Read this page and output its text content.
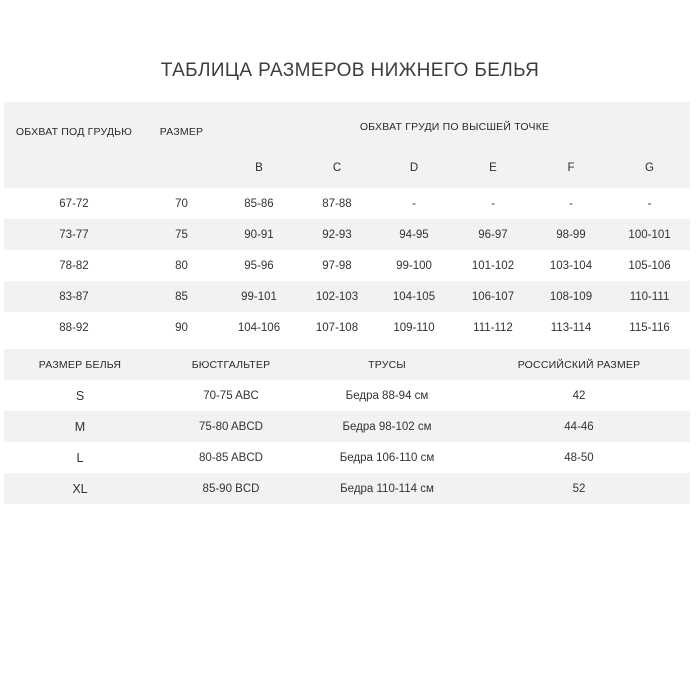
ТАБЛИЦА РАЗМЕРОВ НИЖНЕГО БЕЛЬЯ
ОБХВАТ ПОД ГРУДЬЮ	РАЗМЕР	ОБХВАТ ГРУДИ ПО ВЫСШЕЙ ТОЧКЕ					
		B	C	D	E	F	G
67-72	70	85-86	87-88	-	-	-	-
73-77	75	90-91	92-93	94-95	96-97	98-99	100-101
78-82	80	95-96	97-98	99-100	101-102	103-104	105-106
83-87	85	99-101	102-103	104-105	106-107	108-109	110-111
88-92	90	104-106	107-108	109-110	111-112	113-114	115-116
РАЗМЕР БЕЛЬЯ	БЮСТГАЛЬТЕР	ТРУСЫ	РОССИЙСКИЙ РАЗМЕР
S	70-75 ABC	Бедра 88-94 см	42
M	75-80 ABCD	Бедра 98-102 см	44-46
L	80-85 ABCD	Бедра 106-110 см	48-50
XL	85-90 BCD	Бедра 110-114 см	52
